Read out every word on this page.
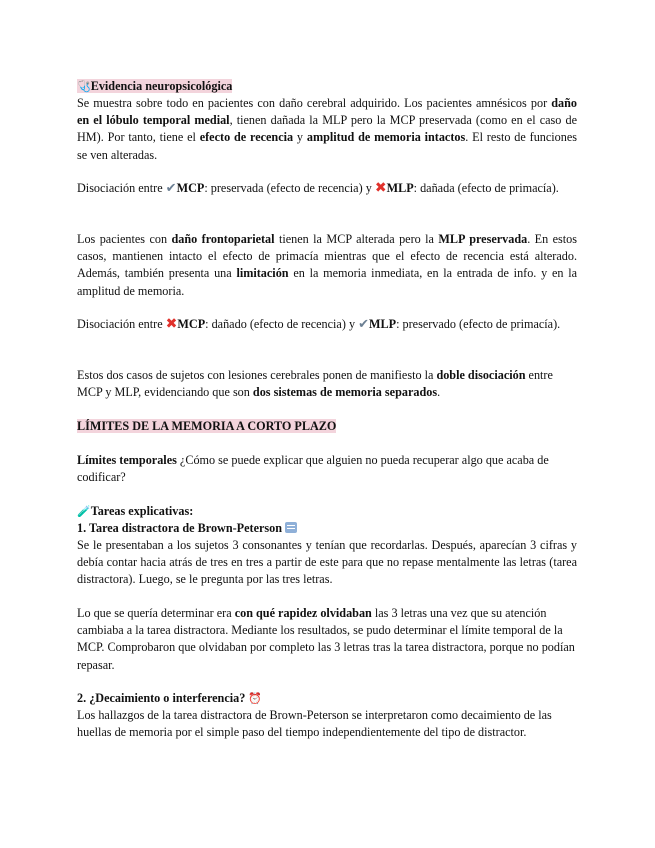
🩺Evidencia neuropsicológica

Se muestra sobre todo en pacientes con daño cerebral adquirido. Los pacientes amnésicos por daño en el lóbulo temporal medial, tienen dañada la MLP pero la MCP preservada (como en el caso de HM). Por tanto, tiene el efecto de recencia y amplitud de memoria intactos. El resto de funciones se ven alteradas.

Disociación entre ✔MCP: preservada (efecto de recencia) y ✖MLP: dañada (efecto de primacía).

Los pacientes con daño frontoparietal tienen la MCP alterada pero la MLP preservada. En estos casos, mantienen intacto el efecto de primacía mientras que el efecto de recencia está alterado. Además, también presenta una limitación en la memoria inmediata, en la entrada de info. y en la amplitud de memoria.

Disociación entre ✖MCP: dañado (efecto de recencia) y ✔MLP: preservado (efecto de primacía).

Estos dos casos de sujetos con lesiones cerebrales ponen de manifiesto la doble disociación entre MCP y MLP, evidenciando que son dos sistemas de memoria separados.

LÍMITES DE LA MEMORIA A CORTO PLAZO

Límites temporales ¿Cómo se puede explicar que alguien no pueda recuperar algo que acaba de codificar?

🧪Tareas explicativas:
1. Tarea distractora de Brown-Peterson

Se le presentaban a los sujetos 3 consonantes y tenían que recordarlas. Después, aparecían 3 cifras y debía contar hacia atrás de tres en tres a partir de este para que no repase mentalmente las letras (tarea distractora). Luego, se le pregunta por las tres letras.

Lo que se quería determinar era con qué rapidez olvidaban las 3 letras una vez que su atención cambiaba a la tarea distractora. Mediante los resultados, se pudo determinar el límite temporal de la MCP. Comprobaron que olvidaban por completo las 3 letras tras la tarea distractora, porque no podían repasar.

2. ¿Decaimiento o interferencia? ⏰

Los hallazgos de la tarea distractora de Brown-Peterson se interpretaron como decaimiento de las huellas de memoria por el simple paso del tiempo independientemente del tipo de distractor.
